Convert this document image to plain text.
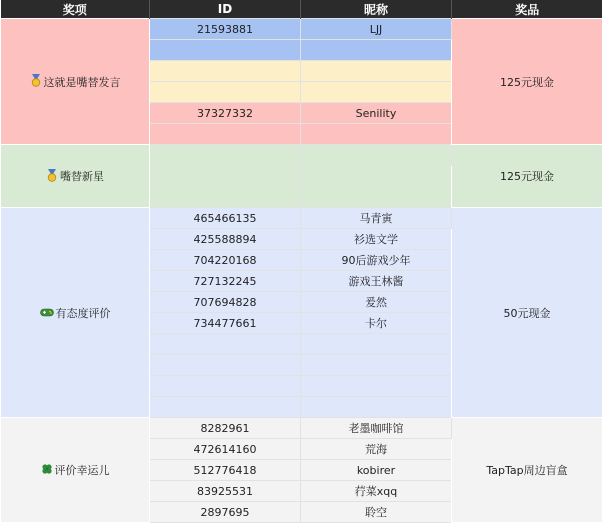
奖项	ID	昵称	奖品
这就是嘴替发言	21593881	LJJ	125元现金

	37327332	Senility	

嘴替新星			125元现金

有态度评价	465466135	马青寅	50元现金
	425588894	衫选文学	
	704220168	90后游戏少年	
	727132245	游戏王林酱	
	707694828	爰然	
	734477661	卡尔	

评价幸运儿	8282961	老墨咖啡馆	TapTap周边盲盒
	472614160	荒海	
	512776418	kobirer	
	83925531	荇菜xqq	
	2897695	聆空	
